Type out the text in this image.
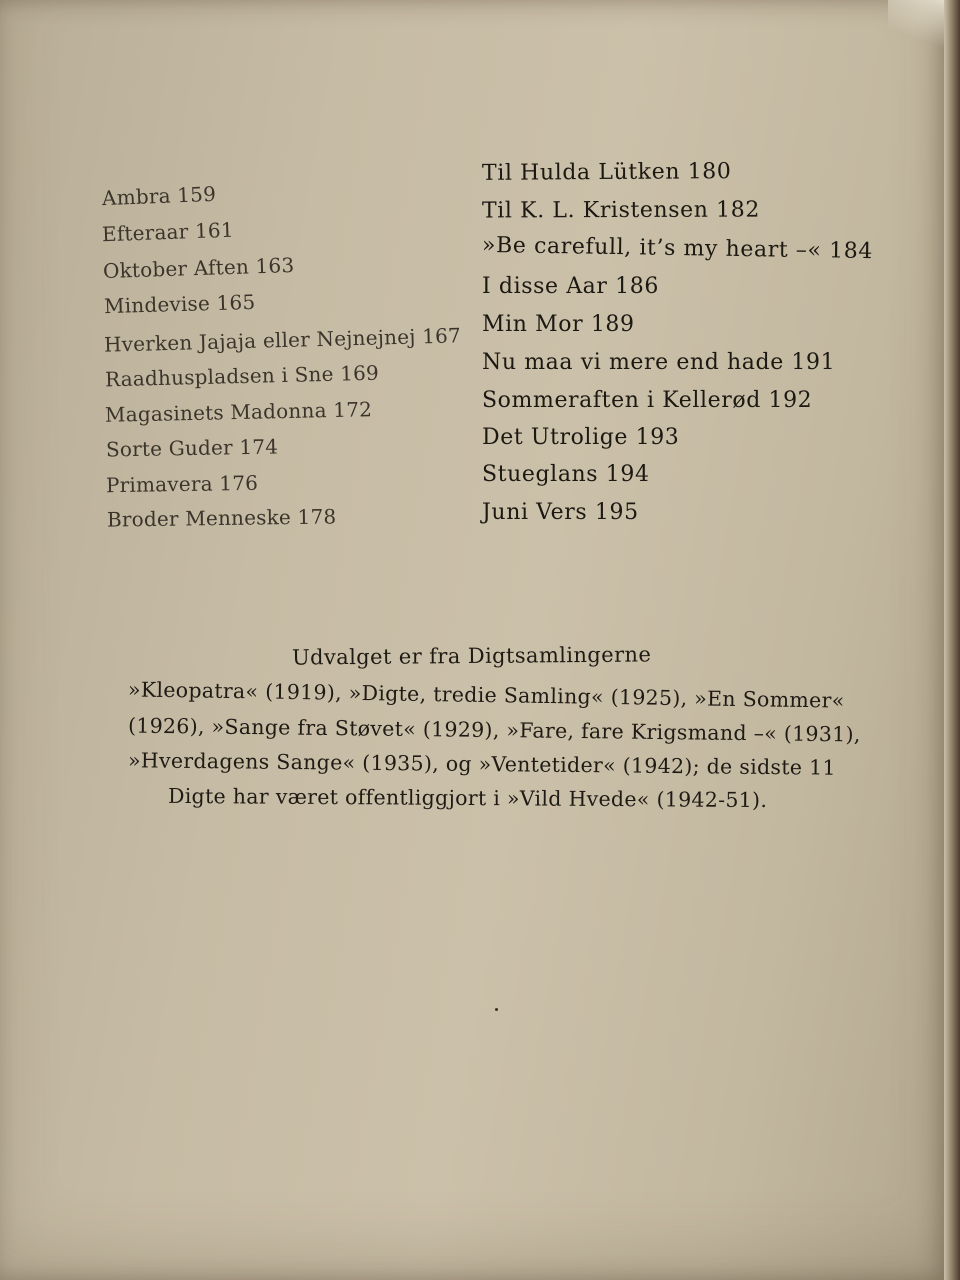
Ambra 159
Efteraar 161
Oktober Aften 163
Mindevise 165
Hverken Jajaja eller Nejnejnej 167
Raadhuspladsen i Sne 169
Magasinets Madonna 172
Sorte Guder 174
Primavera 176
Broder Menneske 178
Til Hulda Lütken 180
Til K. L. Kristensen 182
»Be carefull, it’s my heart –« 184
I disse Aar 186
Min Mor 189
Nu maa vi mere end hade 191
Sommeraften i Kellerød 192
Det Utrolige 193
Stueglans 194
Juni Vers 195
Udvalget er fra Digtsamlingerne
»Kleopatra« (1919), »Digte, tredie Samling« (1925), »En Sommer«
(1926), »Sange fra Støvet« (1929), »Fare, fare Krigsmand –« (1931),
»Hverdagens Sange« (1935), og »Ventetider« (1942); de sidste 11
Digte har været offentliggjort i »Vild Hvede« (1942-51).
